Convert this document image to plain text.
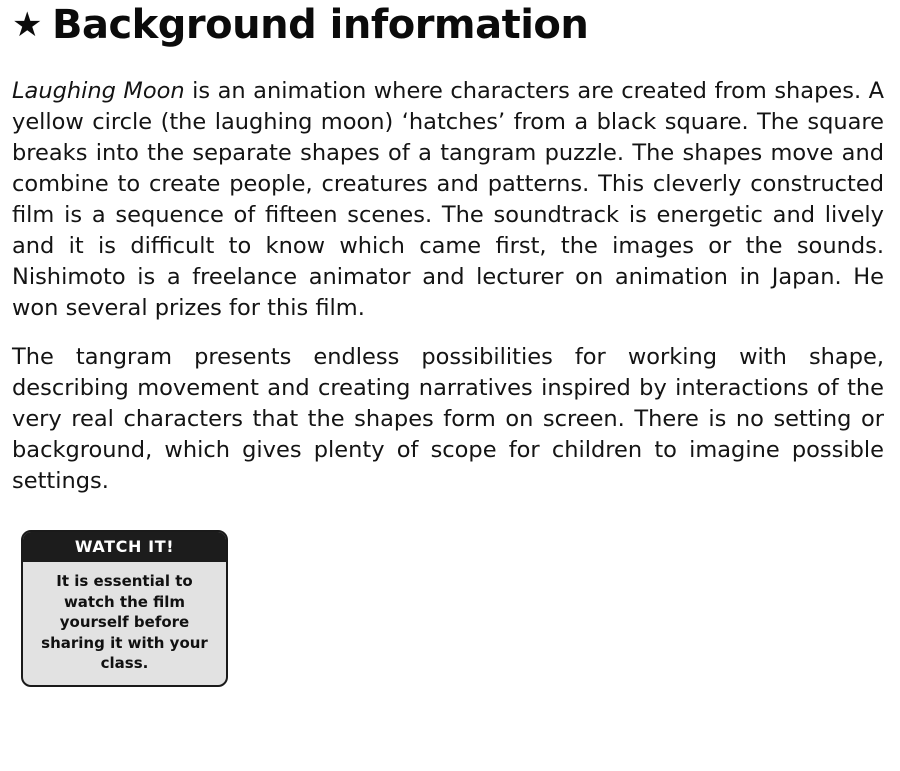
★ Background information

Laughing Moon is an animation where characters are created from shapes. A yellow circle (the laughing moon) ‘hatches’ from a black square. The square breaks into the separate shapes of a tangram puzzle. The shapes move and combine to create people, creatures and patterns. This cleverly constructed film is a sequence of fifteen scenes. The soundtrack is energetic and lively and it is difficult to know which came first, the images or the sounds. Nishimoto is a freelance animator and lecturer on animation in Japan. He won several prizes for this film.

The tangram presents endless possibilities for working with shape, describing movement and creating narratives inspired by interactions of the very real characters that the shapes form on screen. There is no setting or background, which gives plenty of scope for children to imagine possible settings.

WATCH IT!
It is essential to watch the film yourself before sharing it with your class.
